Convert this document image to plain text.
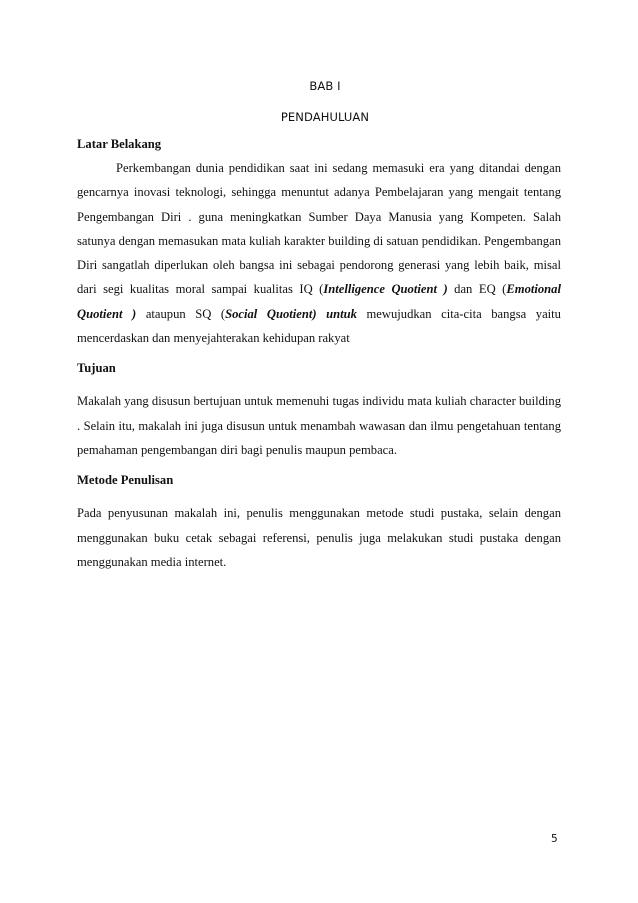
BAB I
PENDAHULUAN
Latar Belakang

Perkembangan dunia pendidikan saat ini sedang memasuki era yang ditandai dengan gencarnya inovasi teknologi, sehingga menuntut adanya Pembelajaran yang mengait tentang Pengembangan Diri . guna meningkatkan Sumber Daya Manusia yang Kompeten. Salah satunya dengan memasukan mata kuliah karakter building di satuan pendidikan. Pengembangan Diri sangatlah diperlukan oleh bangsa ini sebagai pendorong generasi yang lebih baik, misal dari segi kualitas moral sampai kualitas IQ (Intelligence Quotient ) dan EQ (Emotional Quotient ) ataupun SQ (Social Quotient) untuk mewujudkan cita-cita bangsa yaitu mencerdaskan dan menyejahterakan kehidupan rakyat

Tujuan

Makalah yang disusun bertujuan untuk memenuhi tugas individu mata kuliah character building . Selain itu, makalah ini juga disusun untuk menambah wawasan dan ilmu pengetahuan tentang pemahaman pengembangan diri bagi penulis maupun pembaca.

Metode Penulisan

Pada penyusunan makalah ini, penulis menggunakan metode studi pustaka, selain dengan menggunakan buku cetak sebagai referensi, penulis juga melakukan studi pustaka dengan menggunakan media internet.

5
